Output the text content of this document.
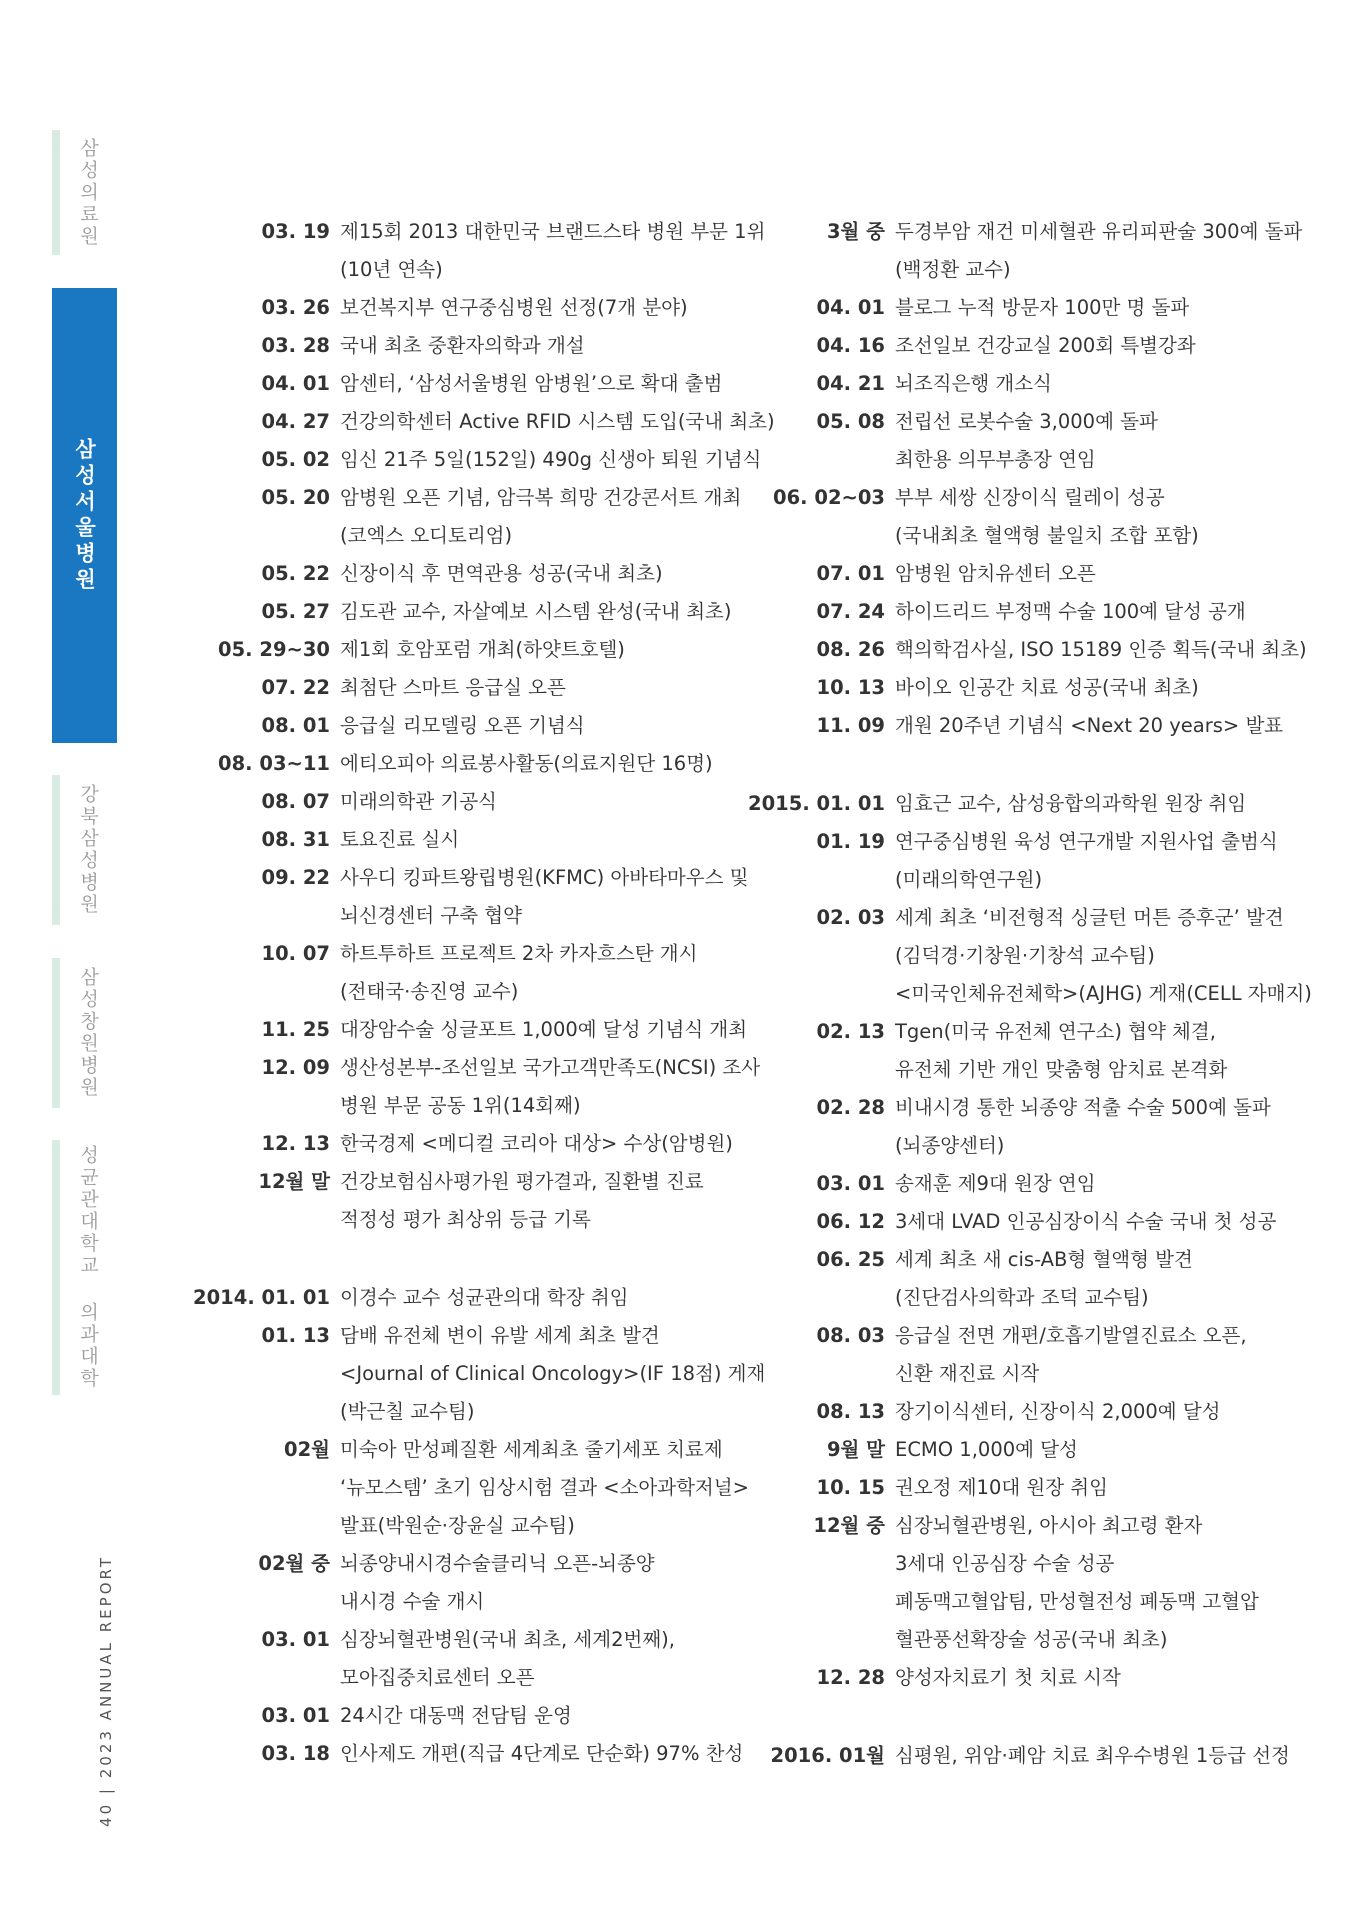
삼성의료원
삼성서울병원
강북삼성병원
삼성창원병원
성균관대학교 의과대학
40 | 2023 ANNUAL REPORT
03. 19 제15회 2013 대한민국 브랜드스타 병원 부문 1위
(10년 연속)
03. 26 보건복지부 연구중심병원 선정(7개 분야)
03. 28 국내 최초 중환자의학과 개설
04. 01 암센터, ‘삼성서울병원 암병원’으로 확대 출범
04. 27 건강의학센터 Active RFID 시스템 도입(국내 최초)
05. 02 임신 21주 5일(152일) 490g 신생아 퇴원 기념식
05. 20 암병원 오픈 기념, 암극복 희망 건강콘서트 개최
(코엑스 오디토리엄)
05. 22 신장이식 후 면역관용 성공(국내 최초)
05. 27 김도관 교수, 자살예보 시스템 완성(국내 최초)
05. 29~30 제1회 호암포럼 개최(하얏트호텔)
07. 22 최첨단 스마트 응급실 오픈
08. 01 응급실 리모델링 오픈 기념식
08. 03~11 에티오피아 의료봉사활동(의료지원단 16명)
08. 07 미래의학관 기공식
08. 31 토요진료 실시
09. 22 사우디 킹파트왕립병원(KFMC) 아바타마우스 및
뇌신경센터 구축 협약
10. 07 하트투하트 프로젝트 2차 카자흐스탄 개시
(전태국·송진영 교수)
11. 25 대장암수술 싱글포트 1,000예 달성 기념식 개최
12. 09 생산성본부-조선일보 국가고객만족도(NCSI) 조사
병원 부문 공동 1위(14회째)
12. 13 한국경제 <메디컬 코리아 대상> 수상(암병원)
12월 말 건강보험심사평가원 평가결과, 질환별 진료
적정성 평가 최상위 등급 기록
2014. 01. 01 이경수 교수 성균관의대 학장 취임
01. 13 담배 유전체 변이 유발 세계 최초 발견
<Journal of Clinical Oncology>(IF 18점) 게재
(박근칠 교수팀)
02월 미숙아 만성폐질환 세계최초 줄기세포 치료제
‘뉴모스템’ 초기 임상시험 결과 <소아과학저널>
발표(박원순·장윤실 교수팀)
02월 중 뇌종양내시경수술클리닉 오픈-뇌종양
내시경 수술 개시
03. 01 심장뇌혈관병원(국내 최초, 세계2번째),
모아집중치료센터 오픈
03. 01 24시간 대동맥 전담팀 운영
03. 18 인사제도 개편(직급 4단계로 단순화) 97% 찬성
3월 중 두경부암 재건 미세혈관 유리피판술 300예 돌파
(백정환 교수)
04. 01 블로그 누적 방문자 100만 명 돌파
04. 16 조선일보 건강교실 200회 특별강좌
04. 21 뇌조직은행 개소식
05. 08 전립선 로봇수술 3,000예 돌파
최한용 의무부총장 연임
06. 02~03 부부 세쌍 신장이식 릴레이 성공
(국내최초 혈액형 불일치 조합 포함)
07. 01 암병원 암치유센터 오픈
07. 24 하이드리드 부정맥 수술 100예 달성 공개
08. 26 핵의학검사실, ISO 15189 인증 획득(국내 최초)
10. 13 바이오 인공간 치료 성공(국내 최초)
11. 09 개원 20주년 기념식 <Next 20 years> 발표
2015. 01. 01 임효근 교수, 삼성융합의과학원 원장 취임
01. 19 연구중심병원 육성 연구개발 지원사업 출범식
(미래의학연구원)
02. 03 세계 최초 ‘비전형적 싱글턴 머튼 증후군’ 발견
(김덕경·기창원·기창석 교수팀)
<미국인체유전체학>(AJHG) 게재(CELL 자매지)
02. 13 Tgen(미국 유전체 연구소) 협약 체결,
유전체 기반 개인 맞춤형 암치료 본격화
02. 28 비내시경 통한 뇌종양 적출 수술 500예 돌파
(뇌종양센터)
03. 01 송재훈 제9대 원장 연임
06. 12 3세대 LVAD 인공심장이식 수술 국내 첫 성공
06. 25 세계 최초 새 cis-AB형 혈액형 발견
(진단검사의학과 조덕 교수팀)
08. 03 응급실 전면 개편/호흡기발열진료소 오픈,
신환 재진료 시작
08. 13 장기이식센터, 신장이식 2,000예 달성
9월 말 ECMO 1,000예 달성
10. 15 권오정 제10대 원장 취임
12월 중 심장뇌혈관병원, 아시아 최고령 환자
3세대 인공심장 수술 성공
폐동맥고혈압팀, 만성혈전성 폐동맥 고혈압
혈관풍선확장술 성공(국내 최초)
12. 28 양성자치료기 첫 치료 시작
2016. 01월 심평원, 위암·폐암 치료 최우수병원 1등급 선정
